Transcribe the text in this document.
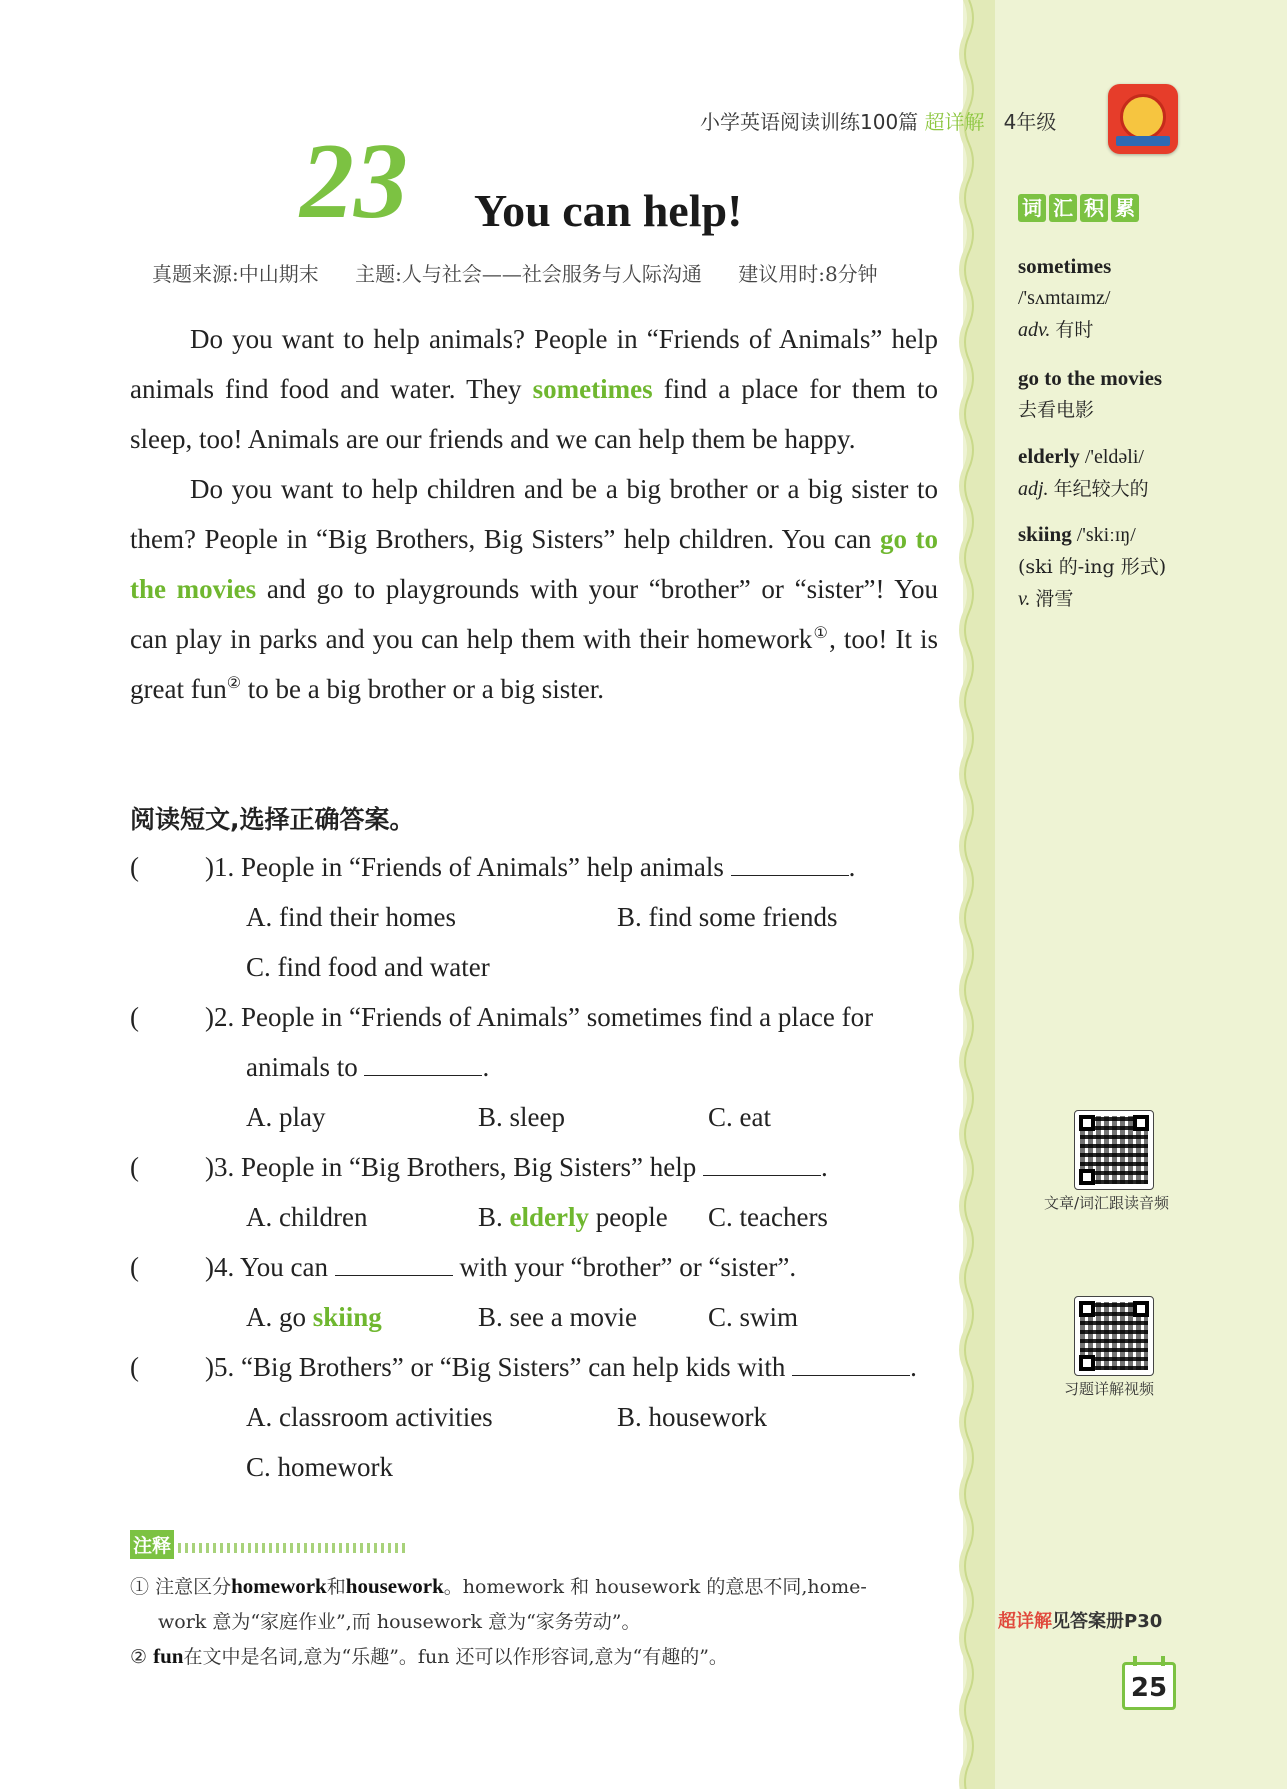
小学英语阅读训练100篇 超详解 4年级
23 You can help!
真题来源:中山期末 主题:人与社会——社会服务与人际沟通 建议用时:8分钟

Do you want to help animals? People in “Friends of Animals” help animals find food and water. They sometimes find a place for them to sleep, too! Animals are our friends and we can help them be happy.

Do you want to help children and be a big brother or a big sister to them? People in “Big Brothers, Big Sisters” help children. You can go to the movies and go to playgrounds with your “brother” or “sister”! You can play in parks and you can help them with their homework①, too! It is great fun② to be a big brother or a big sister.

阅读短文,选择正确答案。
( )1. People in “Friends of Animals” help animals	.
A. find their homes	B. find some friends
C. find food and water
( )2. People in “Friends of Animals” sometimes find a place for
animals to	.
A. play	B. sleep	C. eat
( )3. People in “Big Brothers, Big Sisters” help	.
A. children	B. elderly people C. teachers
( )4. You can	with your “brother” or “sister”.
A. go skiing	B. see a movie	C. swim
( )5. “Big Brothers” or “Big Sisters” can help kids with	.
A. classroom activities	B. housework
C. homework
注释
① 注意区分homework和housework。homework 和 housework 的意思不同,home-
work 意为“家庭作业”,而 housework 意为“家务劳动”。
② fun在文中是名词,意为“乐趣”。fun 还可以作形容词,意为“有趣的”。
词 汇 积 累
sometimes
/'sʌmtaɪmz/
adv. 有时
go to the movies
去看电影
elderly /'eldəli/
adj. 年纪较大的
skiing /'skiːɪŋ/
(ski 的-ing 形式)
v. 滑雪
文章/词汇跟读音频
习题详解视频
超详解见答案册P30
25
